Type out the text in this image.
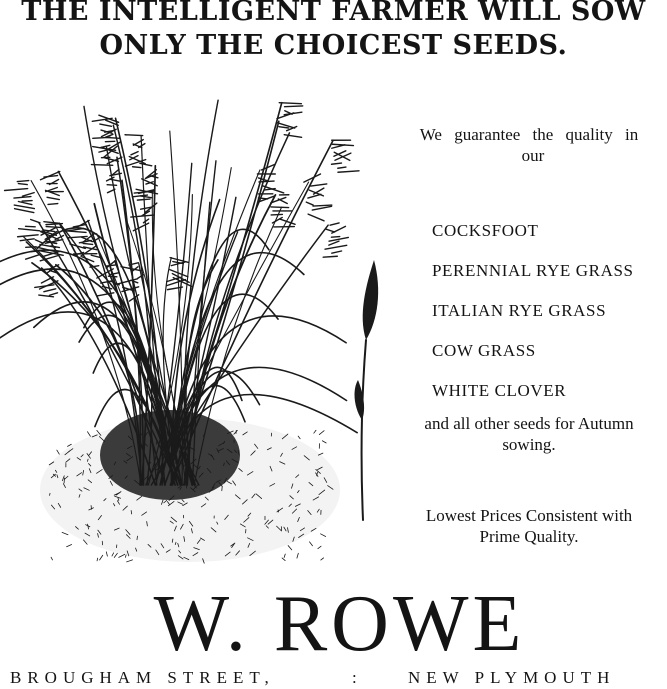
THE INTELLIGENT FARMER WILL SOW
ONLY THE CHOICEST SEEDS.
We guarantee the quality in
our
COCKSFOOT
PERENNIAL RYE GRASS
ITALIAN RYE GRASS
COW GRASS
WHITE CLOVER
and all other seeds for Autumn
sowing.
Lowest Prices Consistent with
Prime Quality.
W. ROWE
BROUGHAM STREET,	:	NEW PLYMOUTH
